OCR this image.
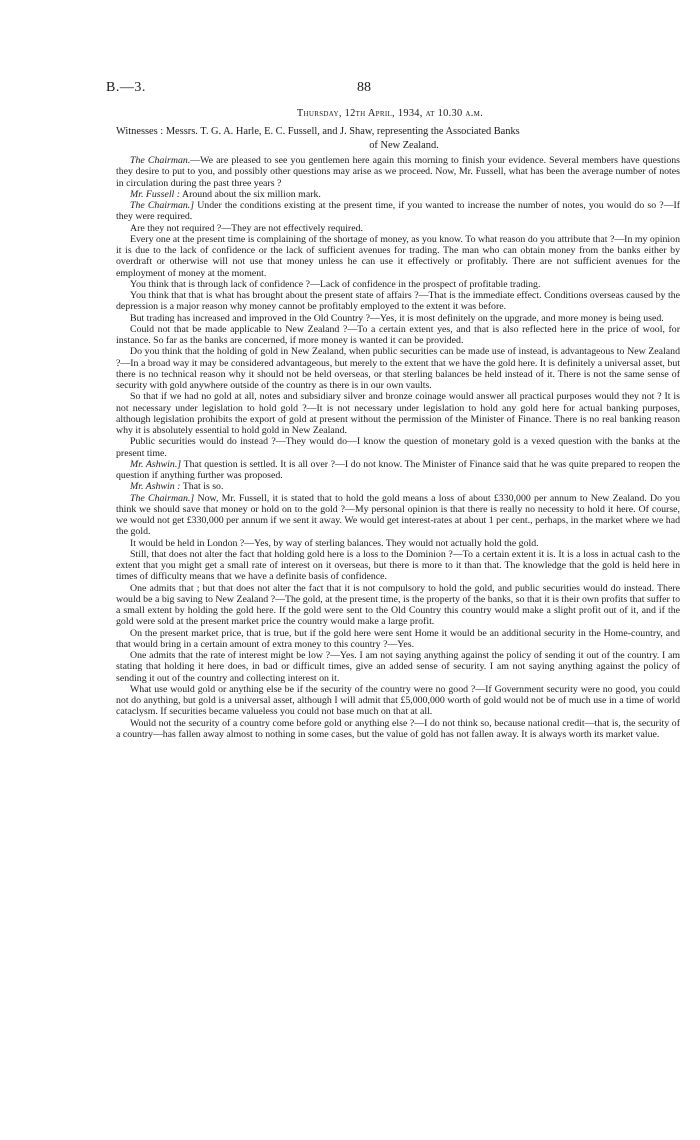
B.—3.	88
Thursday, 12th April, 1934, at 10.30 a.m.
Witnesses : Messrs. T. G. A. Harle, E. C. Fussell, and J. Shaw, representing the Associated Banks
of New Zealand.

The Chairman.—We are pleased to see you gentlemen here again this morning to finish your evidence. Several members have questions they desire to put to you, and possibly other questions may arise as we proceed. Now, Mr. Fussell, what has been the average number of notes in circulation during the past three years ?

Mr. Fussell : Around about the six million mark.

The Chairman.] Under the conditions existing at the present time, if you wanted to increase the number of notes, you would do so ?—If they were required.

Are they not required ?—They are not effectively required.

Every one at the present time is complaining of the shortage of money, as you know. To what reason do you attribute that ?—In my opinion it is due to the lack of confidence or the lack of sufficient avenues for trading. The man who can obtain money from the banks either by overdraft or otherwise will not use that money unless he can use it effectively or profitably. There are not sufficient avenues for the employment of money at the moment.

You think that is through lack of confidence ?—Lack of confidence in the prospect of profitable trading.

You think that that is what has brought about the present state of affairs ?—That is the immediate effect. Conditions overseas caused by the depression is a major reason why money cannot be profitably employed to the extent it was before.

But trading has increased and improved in the Old Country ?—Yes, it is most definitely on the upgrade, and more money is being used.

Could not that be made applicable to New Zealand ?—To a certain extent yes, and that is also reflected here in the price of wool, for instance. So far as the banks are concerned, if more money is wanted it can be provided.

Do you think that the holding of gold in New Zealand, when public securities can be made use of instead, is advantageous to New Zealand ?—In a broad way it may be considered advantageous, but merely to the extent that we have the gold here. It is definitely a universal asset, but there is no technical reason why it should not be held overseas, or that sterling balances be held instead of it. There is not the same sense of security with gold anywhere outside of the country as there is in our own vaults.

So that if we had no gold at all, notes and subsidiary silver and bronze coinage would answer all practical purposes would they not ? It is not necessary under legislation to hold gold ?—It is not necessary under legislation to hold any gold here for actual banking purposes, although legislation prohibits the export of gold at present without the permission of the Minister of Finance. There is no real banking reason why it is absolutely essential to hold gold in New Zealand.

Public securities would do instead ?—They would do—I know the question of monetary gold is a vexed question with the banks at the present time.

Mr. Ashwin.] That question is settled. It is all over ?—I do not know. The Minister of Finance said that he was quite prepared to reopen the question if anything further was proposed.

Mr. Ashwin : That is so.

The Chairman.] Now, Mr. Fussell, it is stated that to hold the gold means a loss of about £330,000 per annum to New Zealand. Do you think we should save that money or hold on to the gold ?—My personal opinion is that there is really no necessity to hold it here. Of course, we would not get £330,000 per annum if we sent it away. We would get interest-rates at about 1 per cent., perhaps, in the market where we had the gold.

It would be held in London ?—Yes, by way of sterling balances. They would not actually hold the gold.

Still, that does not alter the fact that holding gold here is a loss to the Dominion ?—To a certain extent it is. It is a loss in actual cash to the extent that you might get a small rate of interest on it overseas, but there is more to it than that. The knowledge that the gold is held here in times of difficulty means that we have a definite basis of confidence.

One admits that ; but that does not alter the fact that it is not compulsory to hold the gold, and public securities would do instead. There would be a big saving to New Zealand ?—The gold, at the present time, is the property of the banks, so that it is their own profits that suffer to a small extent by holding the gold here. If the gold were sent to the Old Country this country would make a slight profit out of it, and if the gold were sold at the present market price the country would make a large profit.

On the present market price, that is true, but if the gold here were sent Home it would be an additional security in the Home-country, and that would bring in a certain amount of extra money to this country ?—Yes.

One admits that the rate of interest might be low ?—Yes. I am not saying anything against the policy of sending it out of the country. I am stating that holding it here does, in bad or difficult times, give an added sense of security. I am not saying anything against the policy of sending it out of the country and collecting interest on it.

What use would gold or anything else be if the security of the country were no good ?—If Government security were no good, you could not do anything, but gold is a universal asset, although I will admit that £5,000,000 worth of gold would not be of much use in a time of world cataclysm. If securities became valueless you could not base much on that at all.

Would not the security of a country come before gold or anything else ?—I do not think so, because national credit—that is, the security of a country—has fallen away almost to nothing in some cases, but the value of gold has not fallen away. It is always worth its market value.
